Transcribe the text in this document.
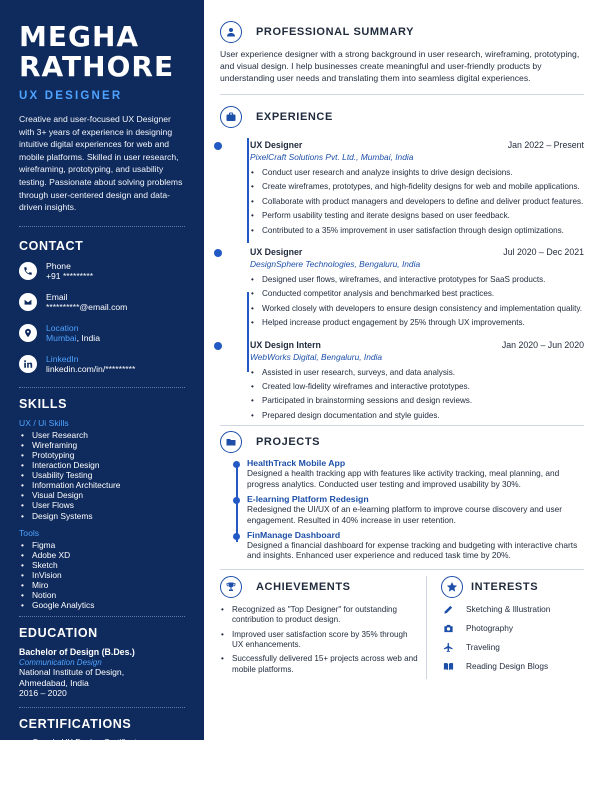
MEGHA
RATHORE
UX DESIGNER
Creative and user-focused UX Designer with 3+ years of experience in designing intuitive digital experiences for web and mobile platforms. Skilled in user research, wireframing, prototyping, and usability testing. Passionate about solving problems through user-centered design and data-driven insights.
CONTACT
Phone
+91 *********
Email
**********@email.com
Location
Mumbai, India
LinkedIn
linkedin.com/in/*********
SKILLS
UX / Ui Skills
• User Research
• Wireframing
• Prototyping
• Interaction Design
• Usability Testing
• Information Architecture
• Visual Design
• User Flows
• Design Systems
Tools
• Figma
• Adobe XD
• Sketch
• InVision
• Miro
• Notion
• Google Analytics
EDUCATION
Bachelor of Design (B.Des.)
Communication Design
National Institute of Design,
Ahmedabad, India
2016 – 2020
CERTIFICATIONS
• Google UX Design Certificate
• Interaction Design Foundation – UX Fundamentals
• Usability Testing – Nielsen Norman Group
PROFESSIONAL SUMMARY
User experience designer with a strong background in user research, wireframing, prototyping, and visual design. I help businesses create meaningful and user-friendly products by understanding user needs and translating them into seamless digital experiences.
EXPERIENCE
UX Designer	Jan 2022 – Present
PixelCraft Solutions Pvt. Ltd., Mumbai, India
• Conduct user research and analyze insights to drive design decisions.
• Create wireframes, prototypes, and high-fidelity designs for web and mobile applications.
• Collaborate with product managers and developers to define and deliver product features.
• Perform usability testing and iterate designs based on user feedback.
• Contributed to a 35% improvement in user satisfaction through design optimizations.
UX Designer	Jul 2020 – Dec 2021
DesignSphere Technologies, Bengaluru, India
• Designed user flows, wireframes, and interactive prototypes for SaaS products.
• Conducted competitor analysis and benchmarked best practices.
• Worked closely with developers to ensure design consistency and implementation quality.
• Helped increase product engagement by 25% through UX improvements.
UX Design Intern	Jan 2020 – Jun 2020
WebWorks Digital, Bengaluru, India
• Assisted in user research, surveys, and data analysis.
• Created low-fidelity wireframes and interactive prototypes.
• Participated in brainstorming sessions and design reviews.
• Prepared design documentation and style guides.
PROJECTS
HealthTrack Mobile App
Designed a health tracking app with features like activity tracking, meal planning, and progress analytics. Conducted user testing and improved usability by 30%.
E-learning Platform Redesign
Redesigned the UI/UX of an e-learning platform to improve course discovery and user engagement. Resulted in 40% increase in user retention.
FinManage Dashboard
Designed a financial dashboard for expense tracking and budgeting with interactive charts and insights. Enhanced user experience and reduced task time by 20%.
ACHIEVEMENTS
• Recognized as "Top Designer" for outstanding contribution to product design.
• Improved user satisfaction score by 35% through UX enhancements.
• Successfully delivered 15+ projects across web and mobile platforms.
INTERESTS
Sketching & Illustration
Photography
Traveling
Reading Design Blogs
